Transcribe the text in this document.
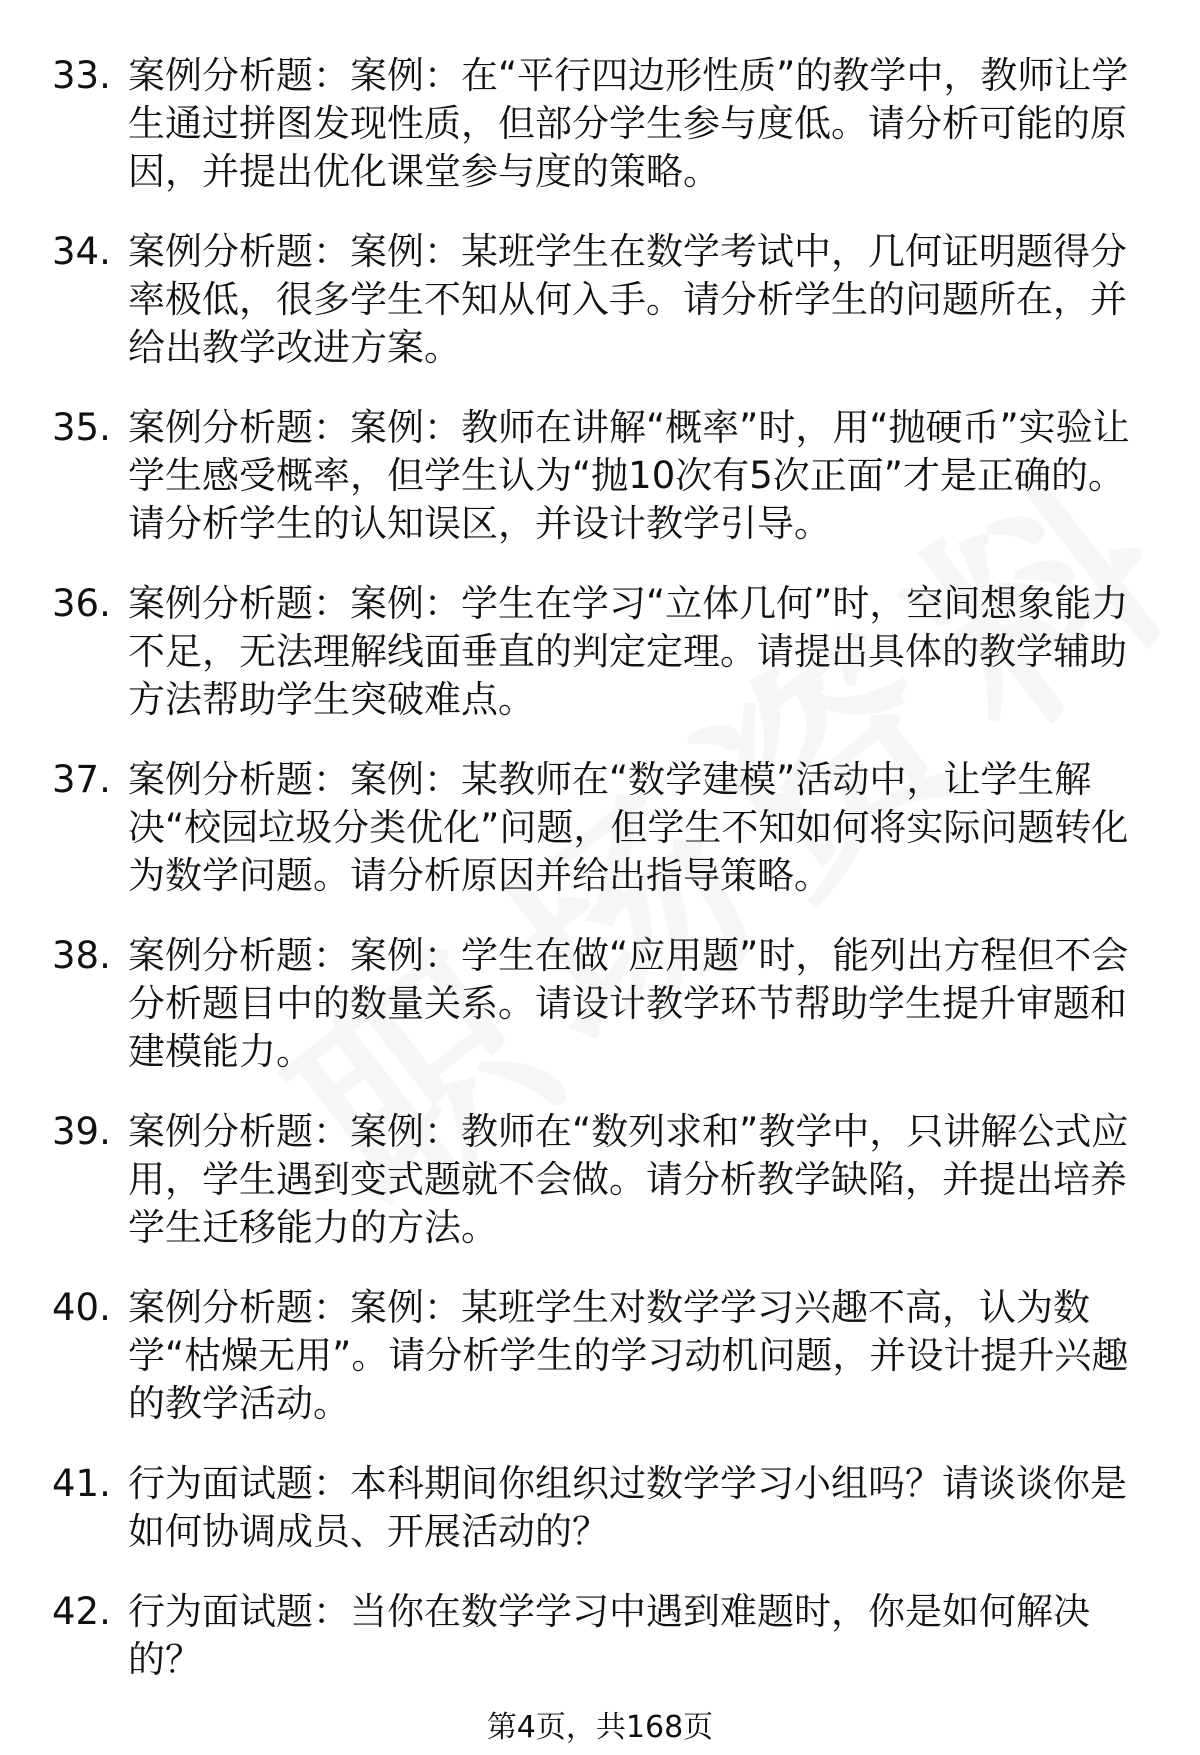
33. 案例分析题：案例：在“平行四边形性质”的教学中，教师让学生通过拼图发现性质，但部分学生参与度低。请分析可能的原因，并提出优化课堂参与度的策略。
34. 案例分析题：案例：某班学生在数学考试中，几何证明题得分率极低，很多学生不知从何入手。请分析学生的问题所在，并给出教学改进方案。
35. 案例分析题：案例：教师在讲解“概率”时，用“抛硬币”实验让学生感受概率，但学生认为“抛10次有5次正面”才是正确的。请分析学生的认知误区，并设计教学引导。
36. 案例分析题：案例：学生在学习“立体几何”时，空间想象能力不足，无法理解线面垂直的判定定理。请提出具体的教学辅助方法帮助学生突破难点。
37. 案例分析题：案例：某教师在“数学建模”活动中，让学生解决“校园垃圾分类优化”问题，但学生不知如何将实际问题转化为数学问题。请分析原因并给出指导策略。
38. 案例分析题：案例：学生在做“应用题”时，能列出方程但不会分析题目中的数量关系。请设计教学环节帮助学生提升审题和建模能力。
39. 案例分析题：案例：教师在“数列求和”教学中，只讲解公式应用，学生遇到变式题就不会做。请分析教学缺陷，并提出培养学生迁移能力的方法。
40. 案例分析题：案例：某班学生对数学学习兴趣不高，认为数学“枯燥无用”。请分析学生的学习动机问题，并设计提升兴趣的教学活动。
41. 行为面试题：本科期间你组织过数学学习小组吗？请谈谈你是如何协调成员、开展活动的？
42. 行为面试题：当你在数学学习中遇到难题时，你是如何解决的？
第4页，共168页
